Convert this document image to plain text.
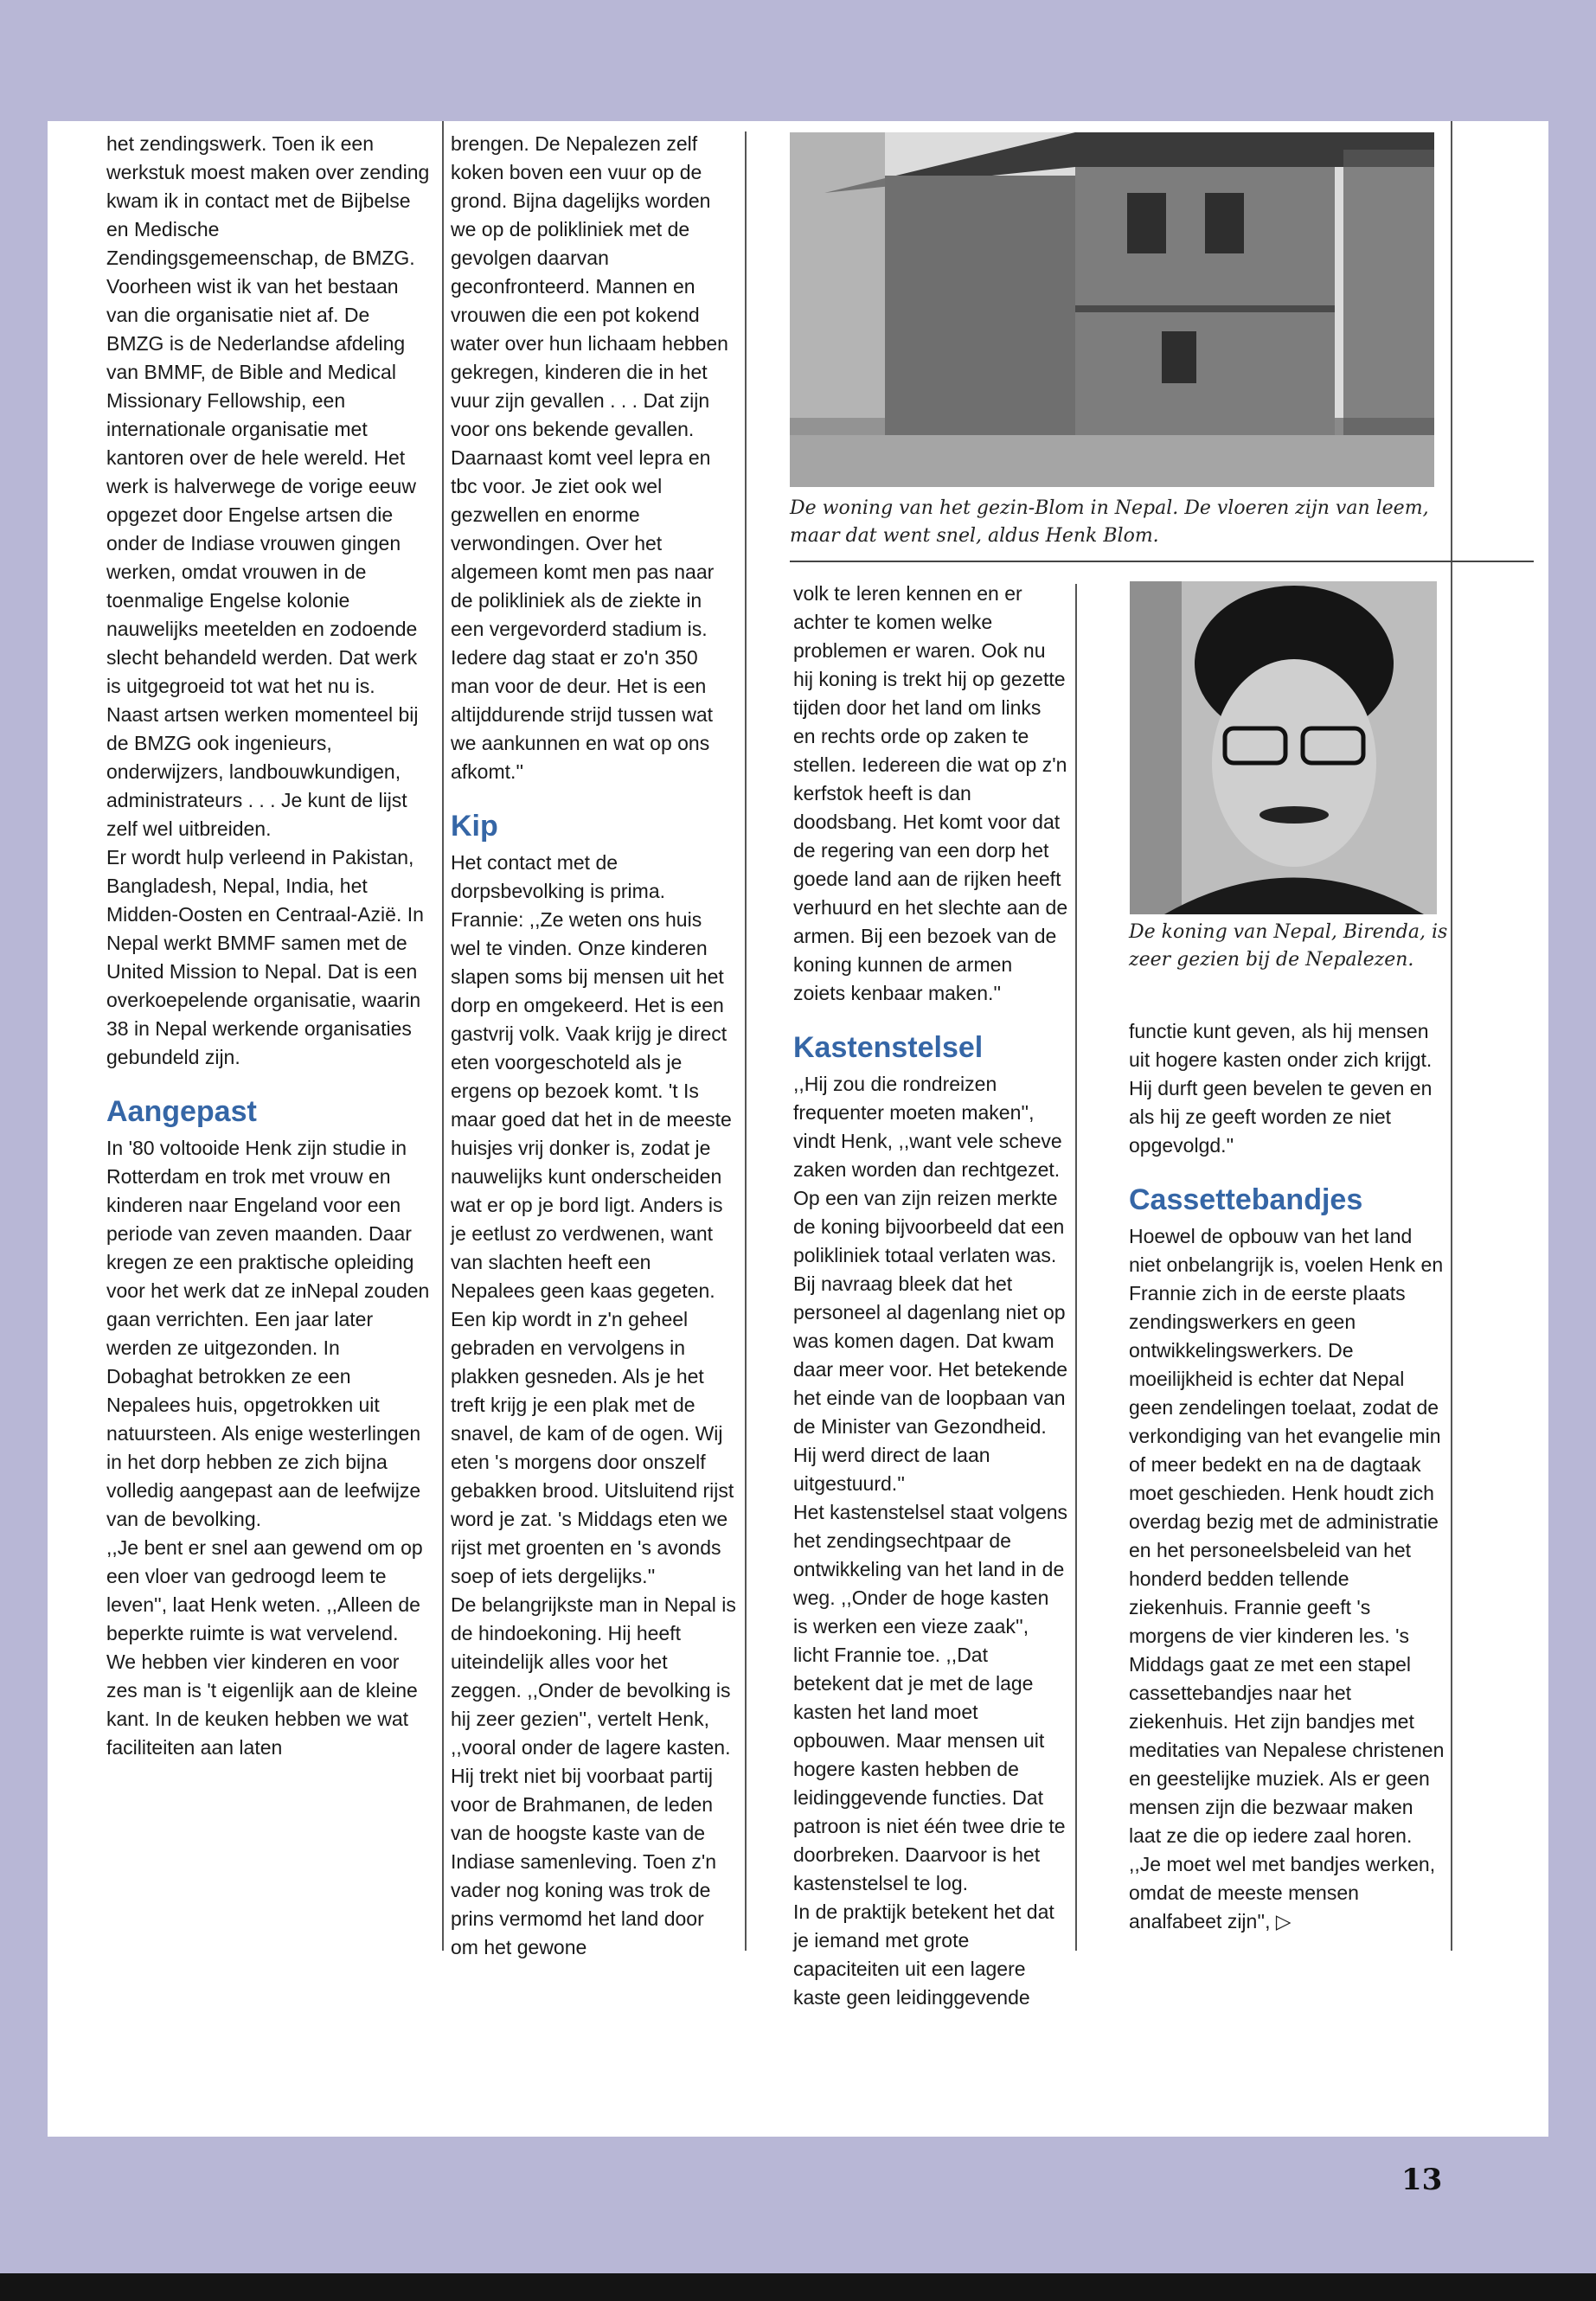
het zendingswerk. Toen ik een werkstuk moest maken over zending kwam ik in contact met de Bijbelse en Medische Zendingsgemeenschap, de BMZG. Voorheen wist ik van het bestaan van die organisatie niet af. De BMZG is de Nederlandse afdeling van BMMF, de Bible and Medical Missionary Fellowship, een internationale organisatie met kantoren over de hele wereld. Het werk is halverwege de vorige eeuw opgezet door Engelse artsen die onder de Indiase vrouwen gingen werken, omdat vrouwen in de toenmalige Engelse kolonie nauwelijks meetelden en zodoende slecht behandeld werden. Dat werk is uitgegroeid tot wat het nu is.

Naast artsen werken momenteel bij de BMZG ook ingenieurs, onderwijzers, landbouwkundigen, administrateurs . . . Je kunt de lijst zelf wel uitbreiden.

Er wordt hulp verleend in Pakistan, Bangladesh, Nepal, India, het Midden-Oosten en Centraal-Azië. In Nepal werkt BMMF samen met de United Mission to Nepal. Dat is een overkoepelende organisatie, waarin 38 in Nepal werkende organisaties gebundeld zijn.

Aangepast

In '80 voltooide Henk zijn studie in Rotterdam en trok met vrouw en kinderen naar Engeland voor een periode van zeven maanden. Daar kregen ze een praktische opleiding voor het werk dat ze inNepal zouden gaan verrichten. Een jaar later werden ze uitgezonden. In Dobaghat betrokken ze een Nepalees huis, opgetrokken uit natuursteen. Als enige westerlingen in het dorp hebben ze zich bijna volledig aangepast aan de leefwijze van de bevolking.

,,Je bent er snel aan gewend om op een vloer van gedroogd leem te leven'', laat Henk weten. ,,Alleen de beperkte ruimte is wat vervelend. We hebben vier kinderen en voor zes man is 't eigenlijk aan de kleine kant. In de keuken hebben we wat faciliteiten aan laten

brengen. De Nepalezen zelf koken boven een vuur op de grond. Bijna dagelijks worden we op de polikliniek met de gevolgen daarvan geconfronteerd. Mannen en vrouwen die een pot kokend water over hun lichaam hebben gekregen, kinderen die in het vuur zijn gevallen . . . Dat zijn voor ons bekende gevallen.

Daarnaast komt veel lepra en tbc voor. Je ziet ook wel gezwellen en enorme verwondingen. Over het algemeen komt men pas naar de polikliniek als de ziekte in een vergevorderd stadium is. Iedere dag staat er zo'n 350 man voor de deur. Het is een altijddurende strijd tussen wat we aankunnen en wat op ons afkomt.''

Kip

Het contact met de dorpsbevolking is prima. Frannie: ,,Ze weten ons huis wel te vinden. Onze kinderen slapen soms bij mensen uit het dorp en omgekeerd. Het is een gastvrij volk. Vaak krijg je direct eten voorgeschoteld als je ergens op bezoek komt. 't Is maar goed dat het in de meeste huisjes vrij donker is, zodat je nauwelijks kunt onderscheiden wat er op je bord ligt. Anders is je eetlust zo verdwenen, want van slachten heeft een Nepalees geen kaas gegeten. Een kip wordt in z'n geheel gebraden en vervolgens in plakken gesneden. Als je het treft krijg je een plak met de snavel, de kam of de ogen. Wij eten 's morgens door onszelf gebakken brood. Uitsluitend rijst word je zat. 's Middags eten we rijst met groenten en 's avonds soep of iets dergelijks.''

De belangrijkste man in Nepal is de hindoekoning. Hij heeft uiteindelijk alles voor het zeggen. ,,Onder de bevolking is hij zeer gezien'', vertelt Henk, ,,vooral onder de lagere kasten. Hij trekt niet bij voorbaat partij voor de Brahmanen, de leden van de hoogste kaste van de Indiase samenleving. Toen z'n vader nog koning was trok de prins vermomd het land door om het gewone

De woning van het gezin-Blom in Nepal. De vloeren zijn van leem, maar dat went snel, aldus Henk Blom.

volk te leren kennen en er achter te komen welke problemen er waren. Ook nu hij koning is trekt hij op gezette tijden door het land om links en rechts orde op zaken te stellen. Iedereen die wat op z'n kerfstok heeft is dan doodsbang. Het komt voor dat de regering van een dorp het goede land aan de rijken heeft verhuurd en het slechte aan de armen. Bij een bezoek van de koning kunnen de armen zoiets kenbaar maken.''

Kastenstelsel

,,Hij zou die rondreizen frequenter moeten maken'', vindt Henk, ,,want vele scheve zaken worden dan rechtgezet. Op een van zijn reizen merkte de koning bijvoorbeeld dat een polikliniek totaal verlaten was. Bij navraag bleek dat het personeel al dagenlang niet op was komen dagen. Dat kwam daar meer voor. Het betekende het einde van de loopbaan van de Minister van Gezondheid. Hij werd direct de laan uitgestuurd.''

Het kastenstelsel staat volgens het zendingsechtpaar de ontwikkeling van het land in de weg. ,,Onder de hoge kasten is werken een vieze zaak'', licht Frannie toe. ,,Dat betekent dat je met de lage kasten het land moet opbouwen. Maar mensen uit hogere kasten hebben de leidinggevende functies. Dat patroon is niet één twee drie te doorbreken. Daarvoor is het kastenstelsel te log.

In de praktijk betekent het dat je iemand met grote capaciteiten uit een lagere kaste geen leidinggevende

De koning van Nepal, Birenda, is zeer gezien bij de Nepalezen.

functie kunt geven, als hij mensen uit hogere kasten onder zich krijgt. Hij durft geen bevelen te geven en als hij ze geeft worden ze niet opgevolgd.''

Cassettebandjes

Hoewel de opbouw van het land niet onbelangrijk is, voelen Henk en Frannie zich in de eerste plaats zendingswerkers en geen ontwikkelingswerkers. De moeilijkheid is echter dat Nepal geen zendelingen toelaat, zodat de verkondiging van het evangelie min of meer bedekt en na de dagtaak moet geschieden. Henk houdt zich overdag bezig met de administratie en het personeelsbeleid van het honderd bedden tellende ziekenhuis. Frannie geeft 's morgens de vier kinderen les. 's Middags gaat ze met een stapel cassettebandjes naar het ziekenhuis. Het zijn bandjes met meditaties van Nepalese christenen en geestelijke muziek. Als er geen mensen zijn die bezwaar maken laat ze die op iedere zaal horen.

,,Je moet wel met bandjes werken, omdat de meeste mensen analfabeet zijn'', ▷

13
